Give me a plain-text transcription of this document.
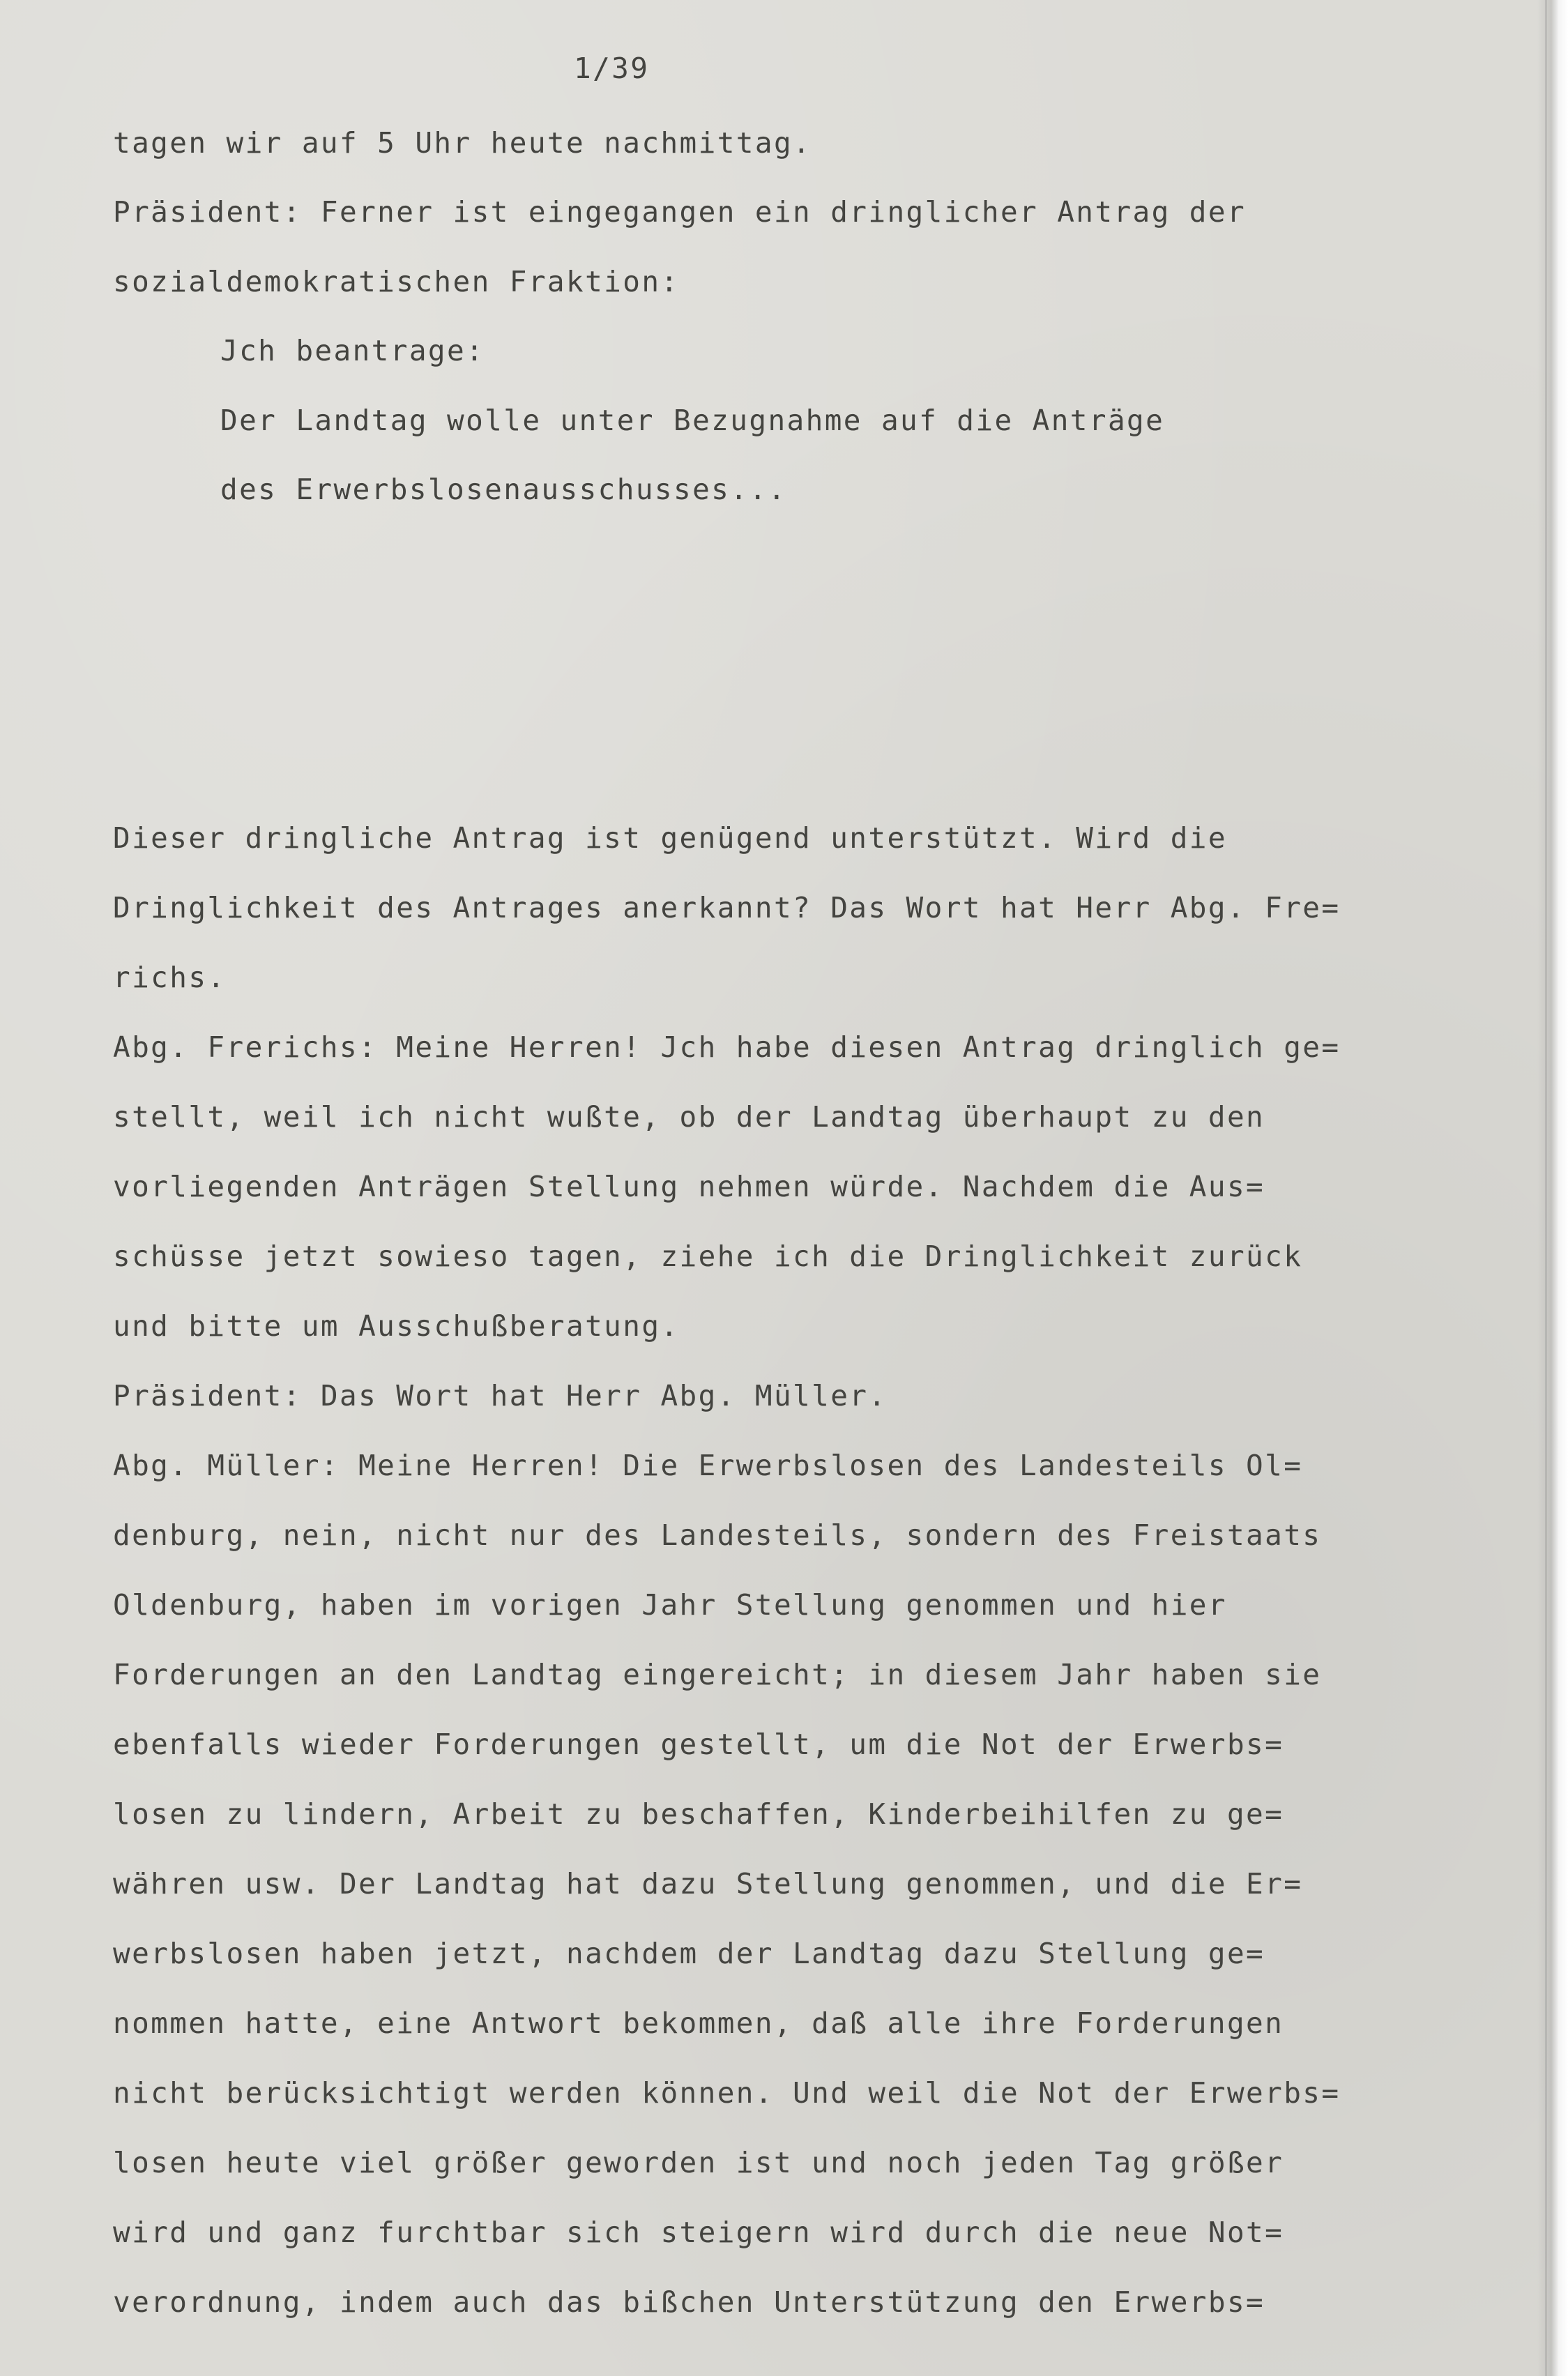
1/39
tagen wir auf 5 Uhr heute nachmittag.
Präsident: Ferner ist eingegangen ein dringlicher Antrag der
sozialdemokratischen Fraktion:
Jch beantrage:
Der Landtag wolle unter Bezugnahme auf die Anträge
des Erwerbslosenausschusses...
Dieser dringliche Antrag ist genügend unterstützt. Wird die
Dringlichkeit des Antrages anerkannt? Das Wort hat Herr Abg. Fre=
richs.
Abg. Frerichs: Meine Herren! Jch habe diesen Antrag dringlich ge=
stellt, weil ich nicht wußte, ob der Landtag überhaupt zu den
vorliegenden Anträgen Stellung nehmen würde. Nachdem die Aus=
schüsse jetzt sowieso tagen, ziehe ich die Dringlichkeit zurück
und bitte um Ausschußberatung.
Präsident: Das Wort hat Herr Abg. Müller.
Abg. Müller: Meine Herren! Die Erwerbslosen des Landesteils Ol=
denburg, nein, nicht nur des Landesteils, sondern des Freistaats
Oldenburg, haben im vorigen Jahr Stellung genommen und hier
Forderungen an den Landtag eingereicht; in diesem Jahr haben sie
ebenfalls wieder Forderungen gestellt, um die Not der Erwerbs=
losen zu lindern, Arbeit zu beschaffen, Kinderbeihilfen zu ge=
währen usw. Der Landtag hat dazu Stellung genommen, und die Er=
werbslosen haben jetzt, nachdem der Landtag dazu Stellung ge=
nommen hatte, eine Antwort bekommen, daß alle ihre Forderungen
nicht berücksichtigt werden können. Und weil die Not der Erwerbs=
losen heute viel größer geworden ist und noch jeden Tag größer
wird und ganz furchtbar sich steigern wird durch die neue Not=
verordnung, indem auch das bißchen Unterstützung den Erwerbs=
